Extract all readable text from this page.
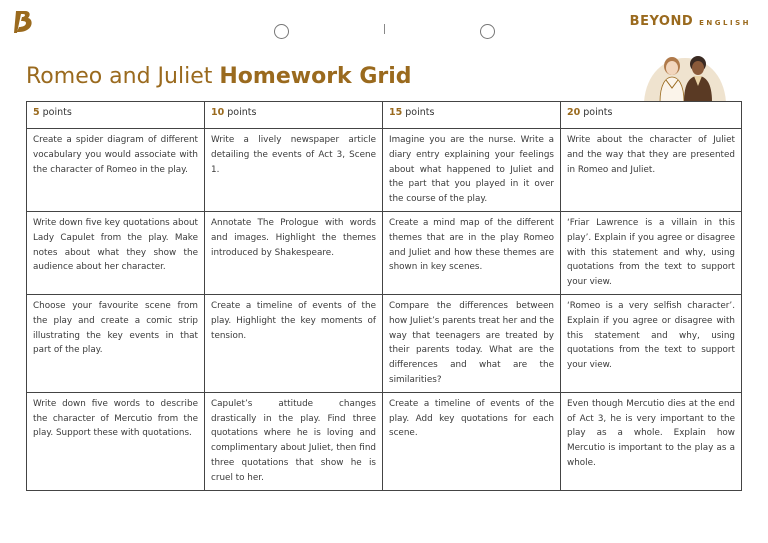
BEYOND ENGLISH
Romeo and Juliet Homework Grid
5 points	10 points	15 points	20 points
Create a spider diagram of different vocabulary you would associate with the character of Romeo in the play.	Write a lively newspaper article detailing the events of Act 3, Scene 1.	Imagine you are the nurse. Write a diary entry explaining your feelings about what happened to Juliet and the part that you played in it over the course of the play.	Write about the character of Juliet and the way that they are presented in Romeo and Juliet.
Write down five key quotations about Lady Capulet from the play. Make notes about what they show the audience about her character.	Annotate The Prologue with words and images. Highlight the themes introduced by Shakespeare.	Create a mind map of the different themes that are in the play Romeo and Juliet and how these themes are shown in key scenes.	‘Friar Lawrence is a villain in this play’. Explain if you agree or disagree with this statement and why, using quotations from the text to support your view.
Choose your favourite scene from the play and create a comic strip illustrating the key events in that part of the play.	Create a timeline of events of the play. Highlight the key moments of tension.	Compare the differences between how Juliet’s parents treat her and the way that teenagers are treated by their parents today. What are the differences and what are the similarities?	‘Romeo is a very selfish character’. Explain if you agree or disagree with this statement and why, using quotations from the text to support your view.
Write down five words to describe the character of Mercutio from the play. Support these with quotations.	Capulet’s attitude changes drastically in the play. Find three quotations where he is loving and complimentary about Juliet, then find three quotations that show he is cruel to her.	Create a timeline of events of the play. Add key quotations for each scene.	Even though Mercutio dies at the end of Act 3, he is very important to the play as a whole. Explain how Mercutio is important to the play as a whole.
